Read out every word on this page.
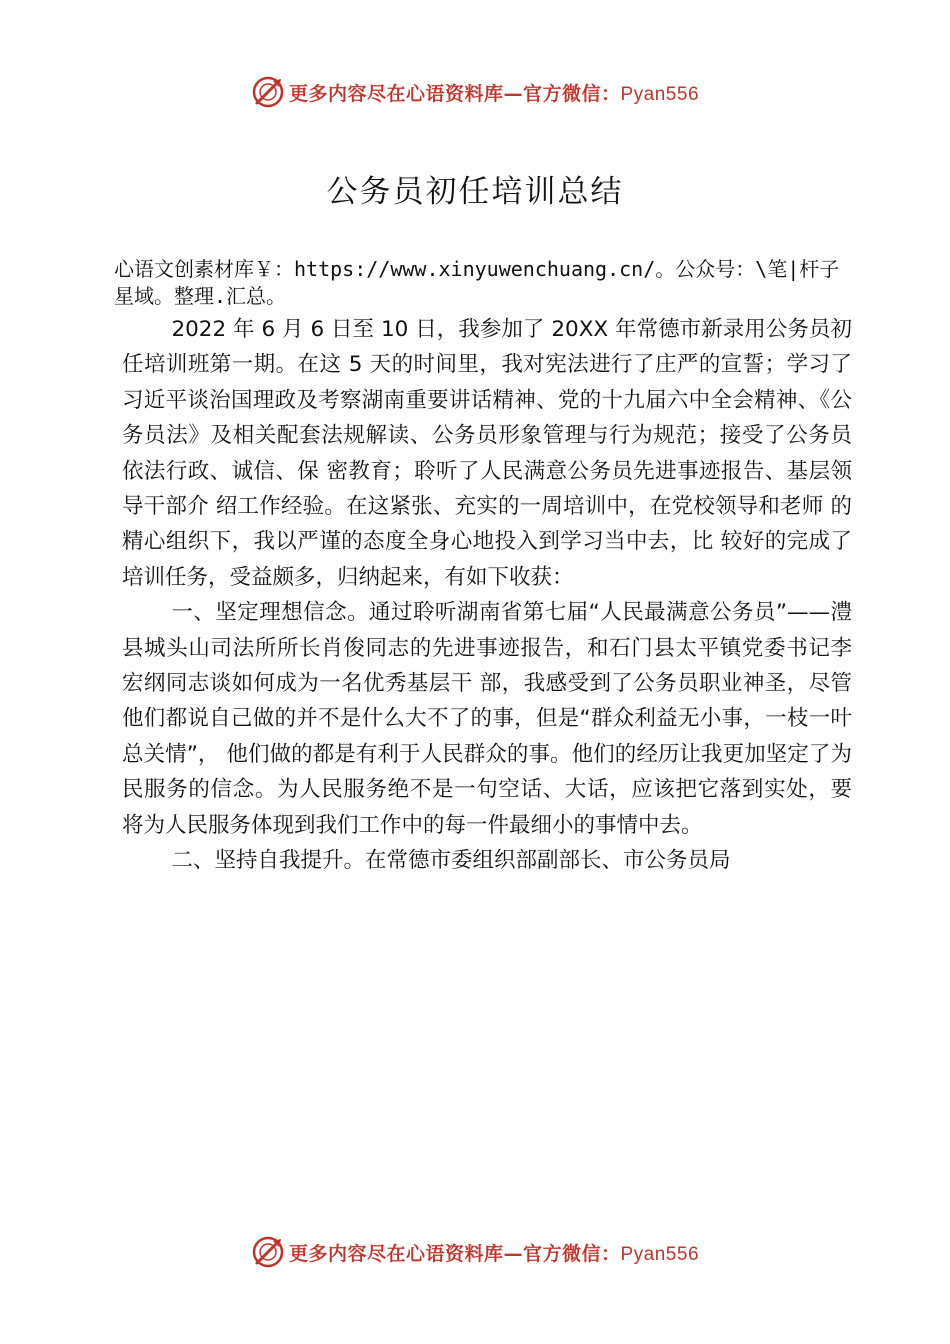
更多内容尽在心语资料库—官方微信：Pyan556
公务员初任培训总结
心语文创素材库￥：https://www.xinyuwenchuang.cn/。公众号：\笔|杆子星域。整理.汇总。

2022 年 6 月 6 日至 10 日，我参加了 20XX 年常德市新录用公务员初任培训班第一期。在这 5 天的时间里，我对宪法进行了庄严的宣誓；学习了习近平谈治国理政及考察湖南重要讲话精神、党的十九届六中全会精神、《公务员法》及相关配套法规解读、公务员形象管理与行为规范；接受了公务员依法行政、诚信、保 密教育；聆听了人民满意公务员先进事迹报告、基层领导干部介 绍工作经验。在这紧张、充实的一周培训中，在党校领导和老师 的精心组织下，我以严谨的态度全身心地投入到学习当中去，比 较好的完成了培训任务，受益颇多，归纳起来，有如下收获：

一、坚定理想信念。通过聆听湖南省第七届“人民最满意公务员”——澧县城头山司法所所长肖俊同志的先进事迹报告，和石门县太平镇党委书记李宏纲同志谈如何成为一名优秀基层干 部，我感受到了公务员职业神圣，尽管他们都说自己做的并不是什么大不了的事，但是“群众利益无小事，一枝一叶总关情”， 他们做的都是有利于人民群众的事。他们的经历让我更加坚定了为民服务的信念。为人民服务绝不是一句空话、大话，应该把它落到实处，要将为人民服务体现到我们工作中的每一件最细小的事情中去。

二、坚持自我提升。在常德市委组织部副部长、市公务员局

更多内容尽在心语资料库—官方微信：Pyan556
